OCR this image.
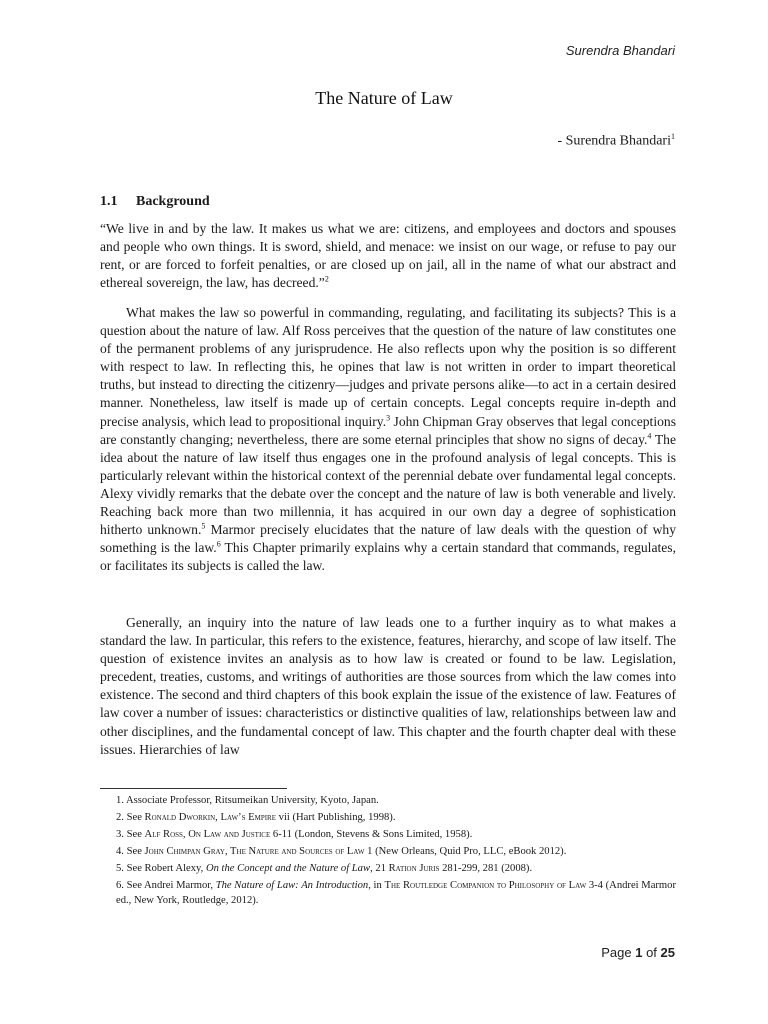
Surendra Bhandari
The Nature of Law
- Surendra Bhandari$^1$
1.1 Background

“We live in and by the law. It makes us what we are: citizens, and employees and doctors and spouses and people who own things. It is sword, shield, and menace: we insist on our wage, or refuse to pay our rent, or are forced to forfeit penalties, or are closed up on jail, all in the name of what our abstract and ethereal sovereign, the law, has decreed.”$^2$

What makes the law so powerful in commanding, regulating, and facilitating its subjects? This is a question about the nature of law. Alf Ross perceives that the question of the nature of law constitutes one of the permanent problems of any jurisprudence. He also reflects upon why the position is so different with respect to law. In reflecting this, he opines that law is not written in order to impart theoretical truths, but instead to directing the citizenry—judges and private persons alike—to act in a certain desired manner. Nonetheless, law itself is made up of certain concepts. Legal concepts require in-depth and precise analysis, which lead to propositional inquiry.$^3$ John Chipman Gray observes that legal conceptions are constantly changing; nevertheless, there are some eternal principles that show no signs of decay.$^4$ The idea about the nature of law itself thus engages one in the profound analysis of legal concepts. This is particularly relevant within the historical context of the perennial debate over fundamental legal concepts. Alexy vividly remarks that the debate over the concept and the nature of law is both venerable and lively. Reaching back more than two millennia, it has acquired in our own day a degree of sophistication hitherto unknown.$^5$ Marmor precisely elucidates that the nature of law deals with the question of why something is the law.$^6$ This Chapter primarily explains why a certain standard that commands, regulates, or facilitates its subjects is called the law.

Generally, an inquiry into the nature of law leads one to a further inquiry as to what makes a standard the law. In particular, this refers to the existence, features, hierarchy, and scope of law itself. The question of existence invites an analysis as to how law is created or found to be law. Legislation, precedent, treaties, customs, and writings of authorities are those sources from which the law comes into existence. The second and third chapters of this book explain the issue of the existence of law. Features of law cover a number of issues: characteristics or distinctive qualities of law, relationships between law and other disciplines, and the fundamental concept of law. This chapter and the fourth chapter deal with these issues. Hierarchies of law

1. Associate Professor, Ritsumeikan University, Kyoto, Japan.
2. See Ronald Dworkin, Law’s Empire vii (Hart Publishing, 1998).
3. See Alf Ross, On Law and Justice 6-11 (London, Stevens & Sons Limited, 1958).
4. See John Chimpan Gray, The Nature and Sources of Law 1 (New Orleans, Quid Pro, LLC, eBook 2012).
5. See Robert Alexy, On the Concept and the Nature of Law, 21 Ration Juris 281-299, 281 (2008).
6. See Andrei Marmor, The Nature of Law: An Introduction, in The Routledge Companion to Philosophy of Law 3-4 (Andrei Marmor ed., New York, Routledge, 2012).
Page 1 of 25
